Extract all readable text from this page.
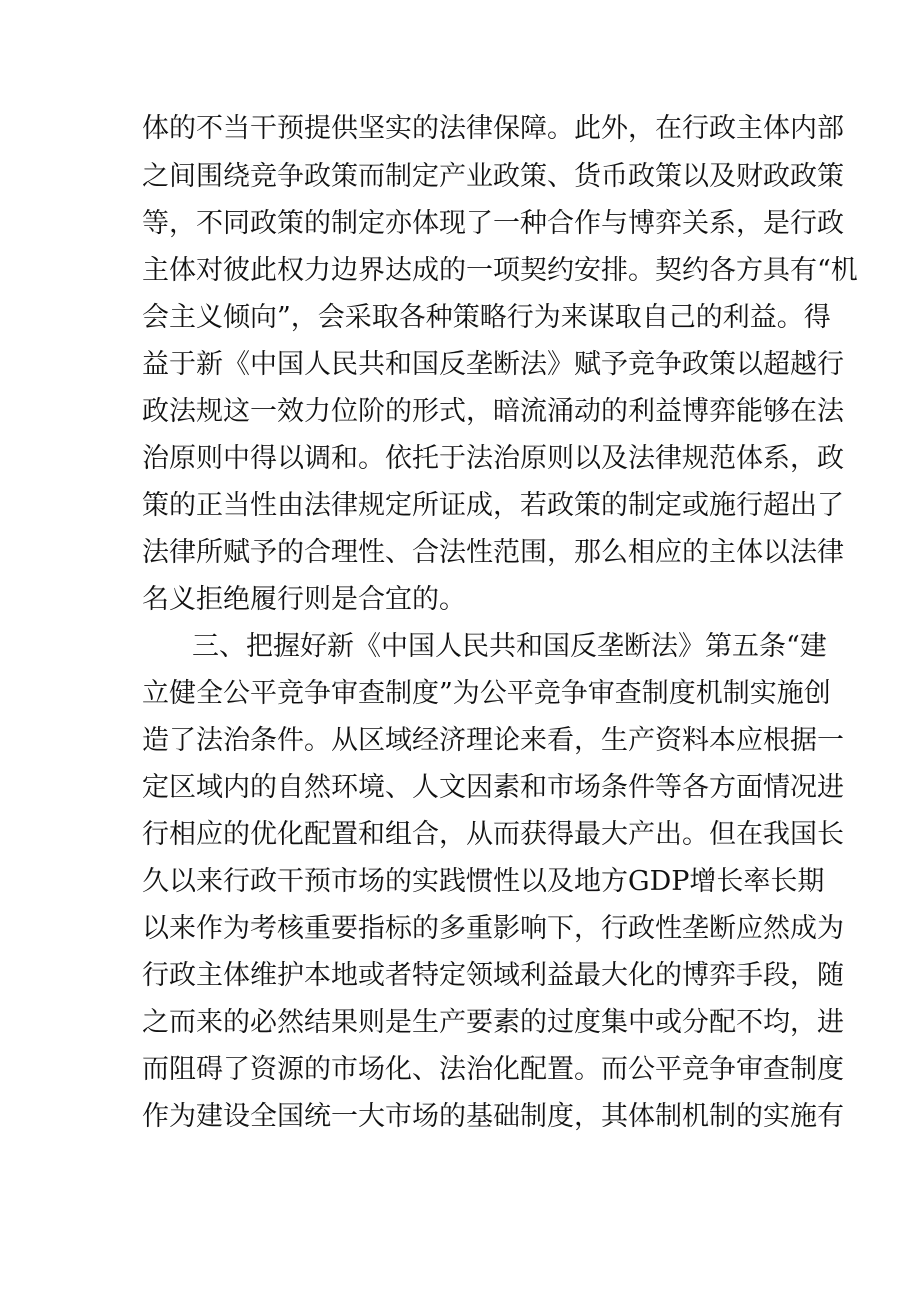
体的不当干预提供坚实的法律保障。此外，在行政主体内部
之间围绕竞争政策而制定产业政策、货币政策以及财政政策
等，不同政策的制定亦体现了一种合作与博弈关系，是行政
主体对彼此权力边界达成的一项契约安排。契约各方具有“机
会主义倾向”，会采取各种策略行为来谋取自己的利益。得
益于新《中国人民共和国反垄断法》赋予竞争政策以超越行
政法规这一效力位阶的形式，暗流涌动的利益博弈能够在法
治原则中得以调和。依托于法治原则以及法律规范体系，政
策的正当性由法律规定所证成，若政策的制定或施行超出了
法律所赋予的合理性、合法性范围，那么相应的主体以法律
名义拒绝履行则是合宜的。
三、把握好新《中国人民共和国反垄断法》第五条“建
立健全公平竞争审查制度”为公平竞争审查制度机制实施创
造了法治条件。从区域经济理论来看，生产资料本应根据一
定区域内的自然环境、人文因素和市场条件等各方面情况进
行相应的优化配置和组合，从而获得最大产出。但在我国长
久以来行政干预市场的实践惯性以及地方GDP增长率长期
以来作为考核重要指标的多重影响下，行政性垄断应然成为
行政主体维护本地或者特定领域利益最大化的博弈手段，随
之而来的必然结果则是生产要素的过度集中或分配不均，进
而阻碍了资源的市场化、法治化配置。而公平竞争审查制度
作为建设全国统一大市场的基础制度，其体制机制的实施有
